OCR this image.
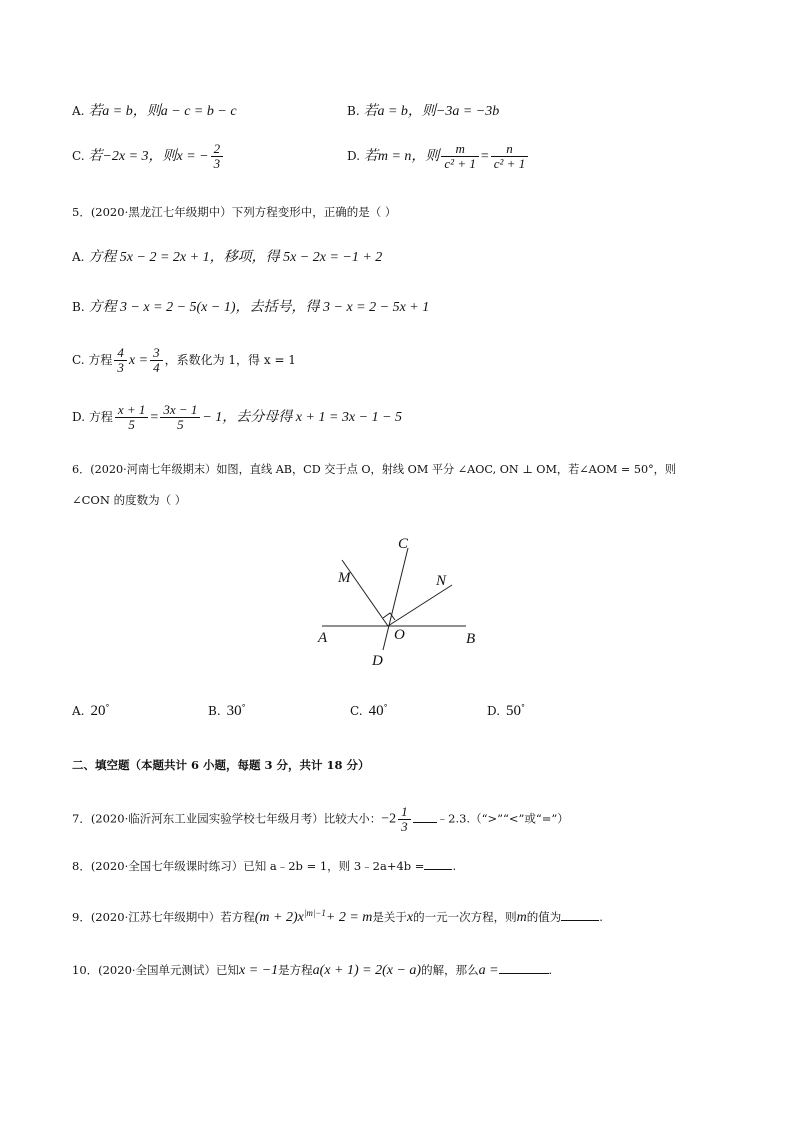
A. 若a = b，则a − c = b − c	B. 若a = b，则−3a = −3b
C. 若−2x = 3，则x = − $\frac{2}{3}$	D. 若m = n，则 $\frac{m}{\text{c² + 1}} = \frac{n}{\text{c² + 1}}$
5．(2020·黑龙江七年级期中）下列方程变形中，正确的是（ ）
A. 方程 5x − 2 = 2x + 1，移项，得 5x − 2x = −1 + 2
B. 方程 3 − x = 2 − 5(x − 1)，去括号，得 3 − x = 2 − 5x + 1
C. 方程 $\frac{4}{3}$ $x = \frac{3}{4}$ ，系数化为 1，得 x = 1
D. 方程 $\frac{x + 1}{5} = \frac{3x - 1}{5} - 1$，去分母得 x + 1 = 3x − 1 − 5
6．(2020·河南七年级期末）如图，直线 AB，CD 交于点 O，射线 OM 平分 ∠AOC, ON ⊥ OM，若∠AOM = 50°，则
∠CON 的度数为（ ）
C
M	N
A	O	B
D
A. 20°	B. 30°	C. 40°	D. 50°
二、填空题（本题共计 6 小题，每题 3 分，共计 18 分）
7．(2020·临沂河东工业园实验学校七年级月考）比较大小：$-2 \frac{1}{3}$ ﹣2.3.（“>”“<”或“=”）
8．(2020·全国七年级课时练习）已知 a﹣2b = 1，则 3﹣2a+4b = .
9．(2020·江苏七年级期中）若方程$(m + 2)x^{|m|-1}+ 2 = m$是关于x的一元一次方程，则m的值为	.
10．(2020·全国单元测试）已知x = −1是方程a(x + 1) = 2(x − a)的解，那么a =	.
